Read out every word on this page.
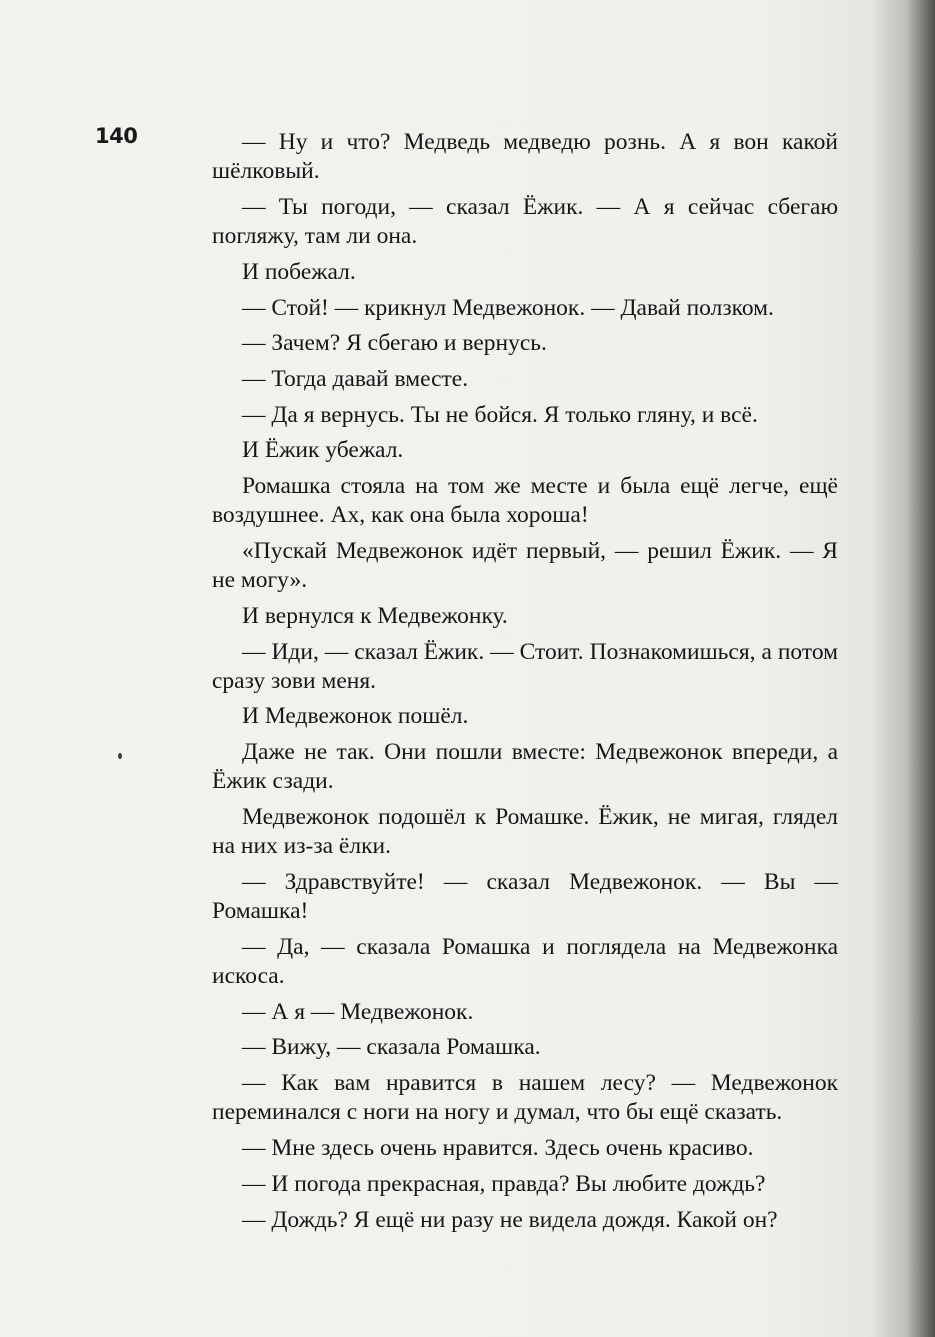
140	— Ну и что? Медведь медведю рознь. А я вон какой шёлковый.

— Ты погоди, — сказал Ёжик. — А я сейчас сбегаю погляжу, там ли она.

И побежал.

— Стой! — крикнул Медвежонок. — Давай ползком.

— Зачем? Я сбегаю и вернусь.

— Тогда давай вместе.

— Да я вернусь. Ты не бойся. Я только гляну, и всё.

И Ёжик убежал.

Ромашка стояла на том же месте и была ещё легче, ещё воздушнее. Ах, как она была хороша!

«Пускай Медвежонок идёт первый, — решил Ёжик. — Я не могу».

И вернулся к Медвежонку.

— Иди, — сказал Ёжик. — Стоит. Познакомишься, а потом сразу зови меня.

И Медвежонок пошёл.

Даже не так. Они пошли вместе: Медвежонок впереди, а Ёжик сзади.

Медвежонок подошёл к Ромашке. Ёжик, не мигая, глядел на них из-за ёлки.

— Здравствуйте! — сказал Медвежонок. — Вы — Ромашка!

— Да, — сказала Ромашка и поглядела на Медвежонка искоса.

— А я — Медвежонок.

— Вижу, — сказала Ромашка.

— Как вам нравится в нашем лесу? — Медвежонок переминался с ноги на ногу и думал, что бы ещё сказать.

— Мне здесь очень нравится. Здесь очень красиво.

— И погода прекрасная, правда? Вы любите дождь?

— Дождь? Я ещё ни разу не видела дождя. Какой он?
